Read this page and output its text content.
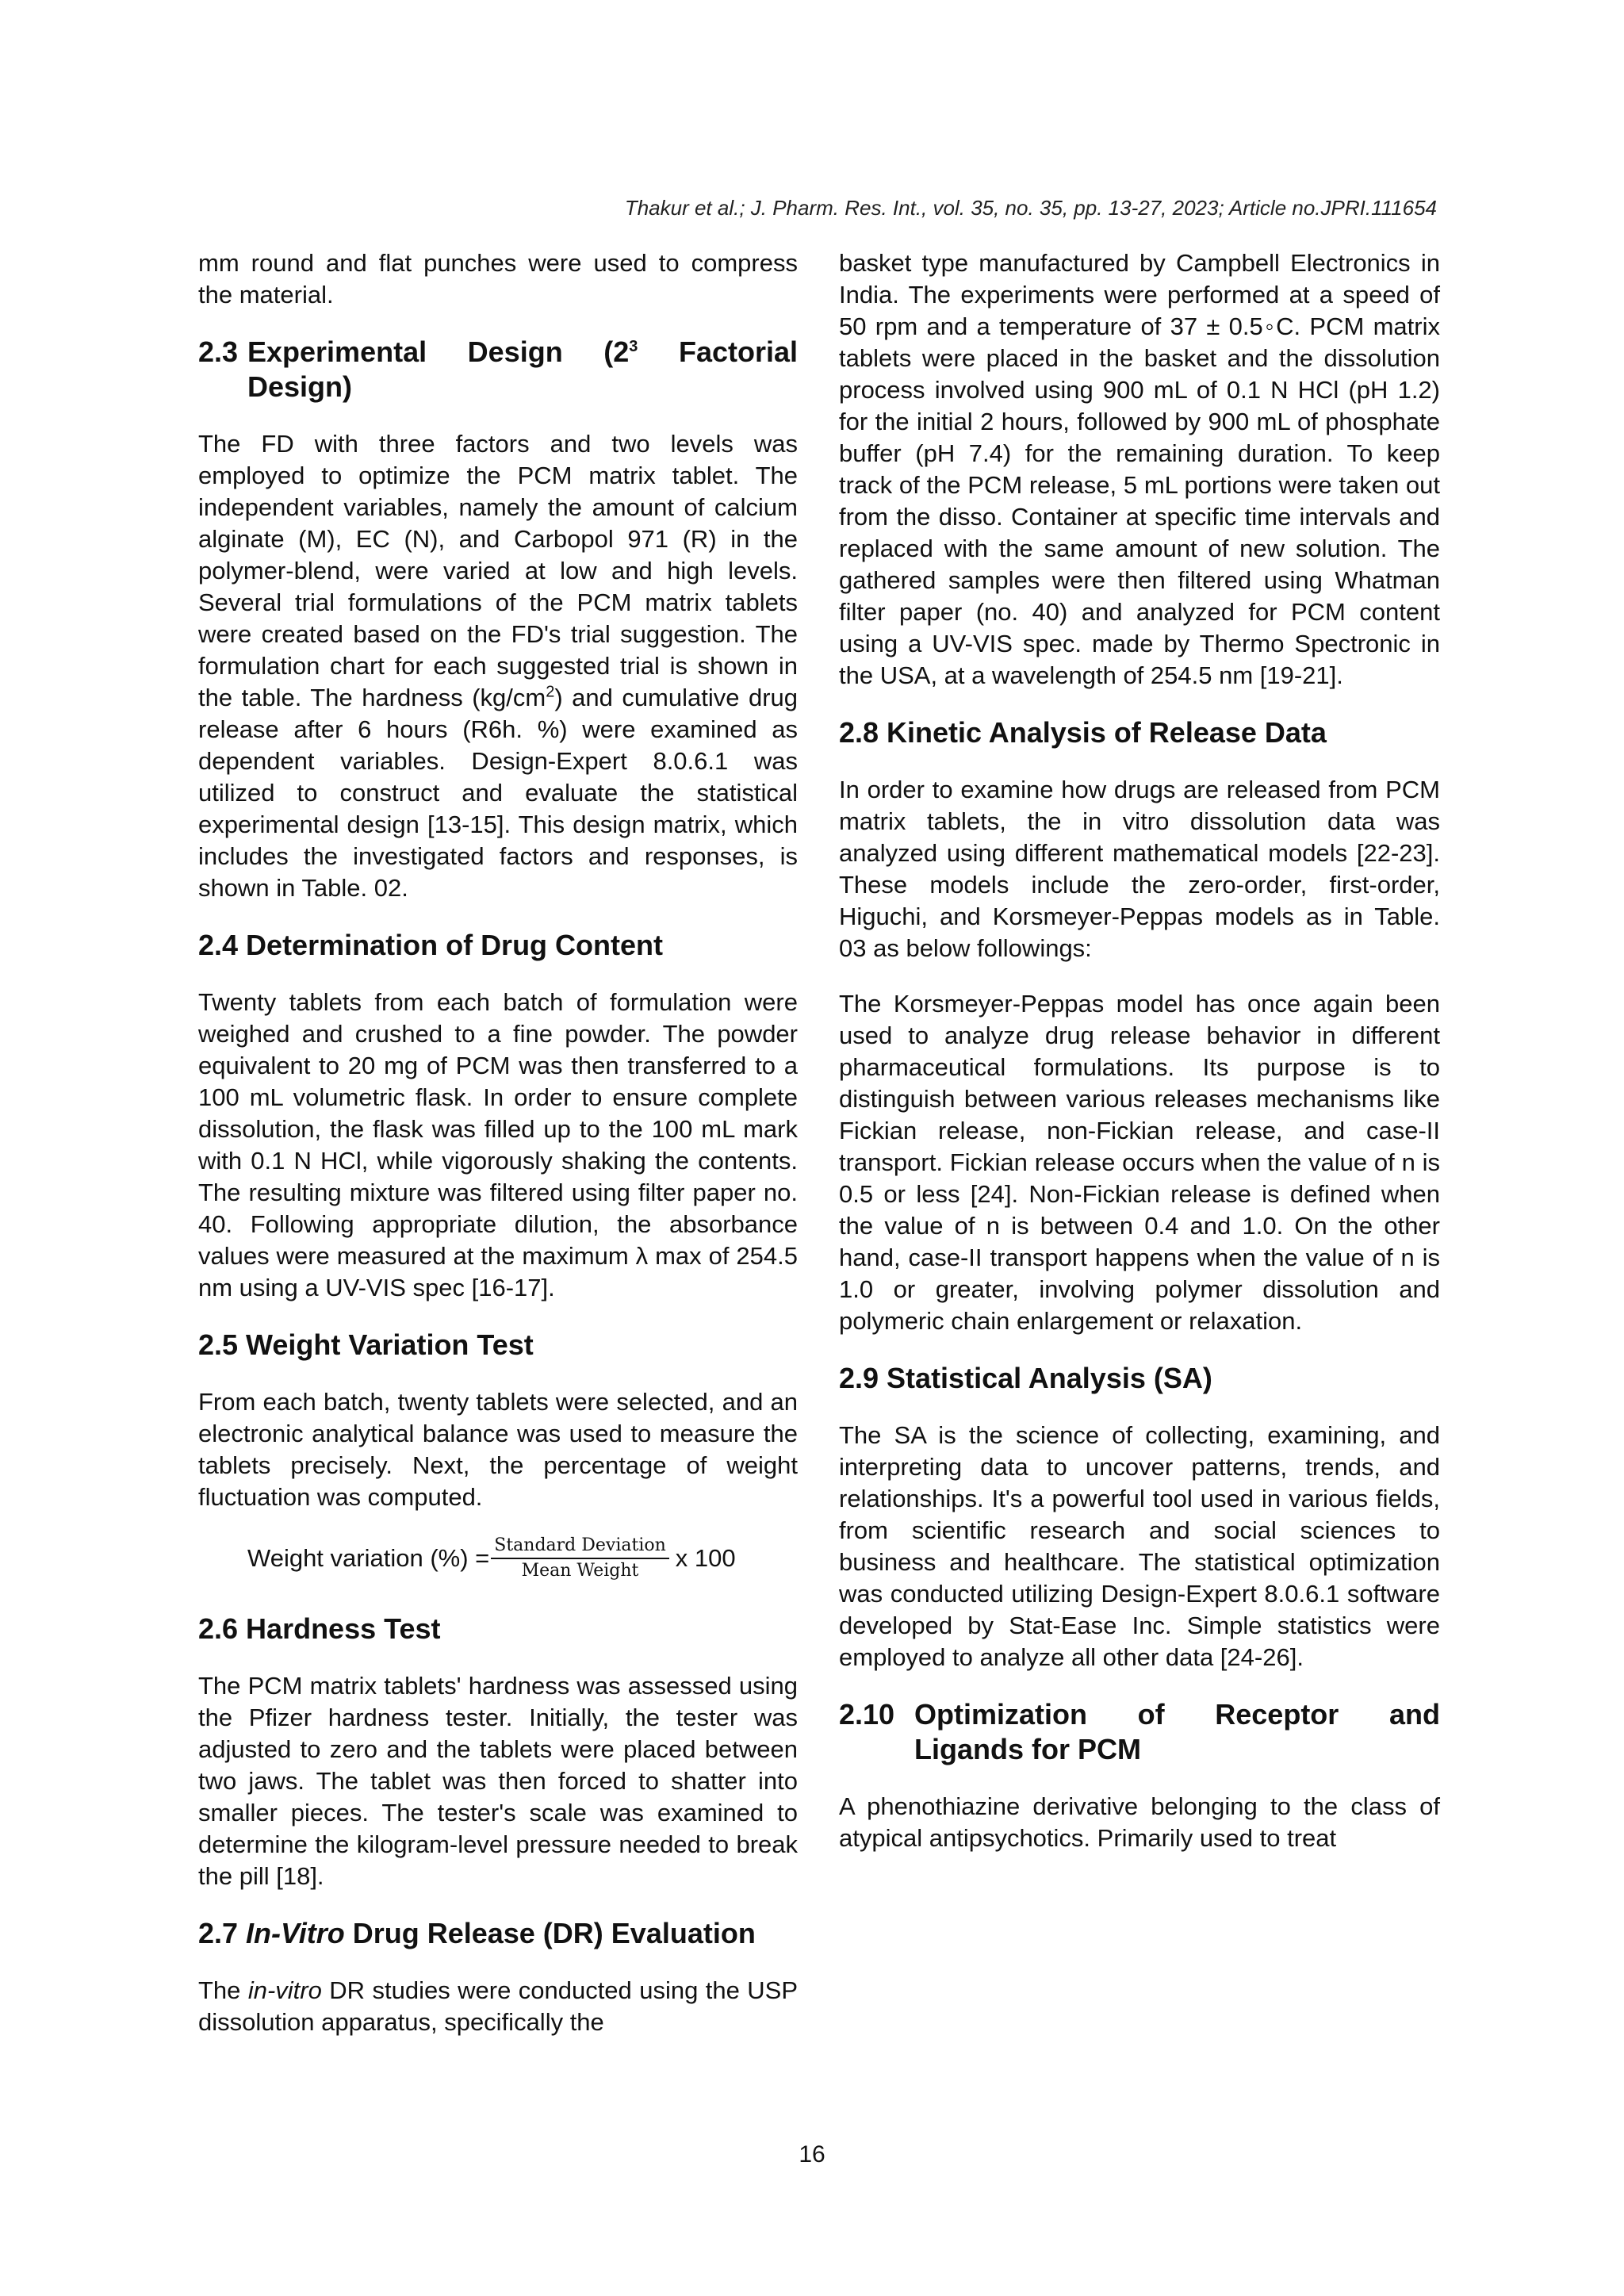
Thakur et al.; J. Pharm. Res. Int., vol. 35, no. 35, pp. 13-27, 2023; Article no.JPRI.111654

mm round and flat punches were used to compress the material.

2.3 Experimental Design ($2^3$ Factorial
Design)

The FD with three factors and two levels was employed to optimize the PCM matrix tablet. The independent variables, namely the amount of calcium alginate (M), EC (N), and Carbopol 971 (R) in the polymer-blend, were varied at low and high levels. Several trial formulations of the PCM matrix tablets were created based on the FD's trial suggestion. The formulation chart for each suggested trial is shown in the table. The hardness $(kg/cm^2)$ and cumulative drug release after 6 hours (R6h. %) were examined as dependent variables. Design-Expert 8.0.6.1 was utilized to construct and evaluate the statistical experimental design [13-15]. This design matrix, which includes the investigated factors and responses, is shown in Table. 02.

2.4 Determination of Drug Content

Twenty tablets from each batch of formulation were weighed and crushed to a fine powder. The powder equivalent to 20 mg of PCM was then transferred to a 100 mL volumetric flask. In order to ensure complete dissolution, the flask was filled up to the 100 mL mark with 0.1 N HCl, while vigorously shaking the contents. The resulting mixture was filtered using filter paper no. 40. Following appropriate dilution, the absorbance values were measured at the maximum λ max of 254.5 nm using a UV-VIS spec [16-17].

2.5 Weight Variation Test

From each batch, twenty tablets were selected, and an electronic analytical balance was used to measure the tablets precisely. Next, the percentage of weight fluctuation was computed.

Weight variation (%) = $\frac{\text{Standard Deviation}}{\text{Mean Weight}}$ x 100
2.6 Hardness Test

The PCM matrix tablets' hardness was assessed using the Pfizer hardness tester. Initially, the tester was adjusted to zero and the tablets were placed between two jaws. The tablet was then forced to shatter into smaller pieces. The tester's scale was examined to determine the kilogram-level pressure needed to break the pill [18].

2.7 In-Vitro Drug Release (DR) Evaluation

The in-vitro DR studies were conducted using the USP dissolution apparatus, specifically the

basket type manufactured by Campbell Electronics in India. The experiments were performed at a speed of 50 rpm and a temperature of 37 ± 0.5◦C. PCM matrix tablets were placed in the basket and the dissolution process involved using 900 mL of 0.1 N HCl (pH 1.2) for the initial 2 hours, followed by 900 mL of phosphate buffer (pH 7.4) for the remaining duration. To keep track of the PCM release, 5 mL portions were taken out from the disso. Container at specific time intervals and replaced with the same amount of new solution. The gathered samples were then filtered using Whatman filter paper (no. 40) and analyzed for PCM content using a UV-VIS spec. made by Thermo Spectronic in the USA, at a wavelength of 254.5 nm [19-21].

2.8 Kinetic Analysis of Release Data

In order to examine how drugs are released from PCM matrix tablets, the in vitro dissolution data was analyzed using different mathematical models [22-23]. These models include the zero-order, first-order, Higuchi, and Korsmeyer-Peppas models as in Table. 03 as below followings:

The Korsmeyer-Peppas model has once again been used to analyze drug release behavior in different pharmaceutical formulations. Its purpose is to distinguish between various releases mechanisms like Fickian release, non-Fickian release, and case-II transport. Fickian release occurs when the value of n is 0.5 or less [24]. Non-Fickian release is defined when the value of n is between 0.4 and 1.0. On the other hand, case-II transport happens when the value of n is 1.0 or greater, involving polymer dissolution and polymeric chain enlargement or relaxation.

2.9 Statistical Analysis (SA)

The SA is the science of collecting, examining, and interpreting data to uncover patterns, trends, and relationships. It's a powerful tool used in various fields, from scientific research and social sciences to business and healthcare. The statistical optimization was conducted utilizing Design-Expert 8.0.6.1 software developed by Stat-Ease Inc. Simple statistics were employed to analyze all other data [24-26].

2.10 Optimization of Receptor and
Ligands for PCM

A phenothiazine derivative belonging to the class of atypical antipsychotics. Primarily used to treat

16
